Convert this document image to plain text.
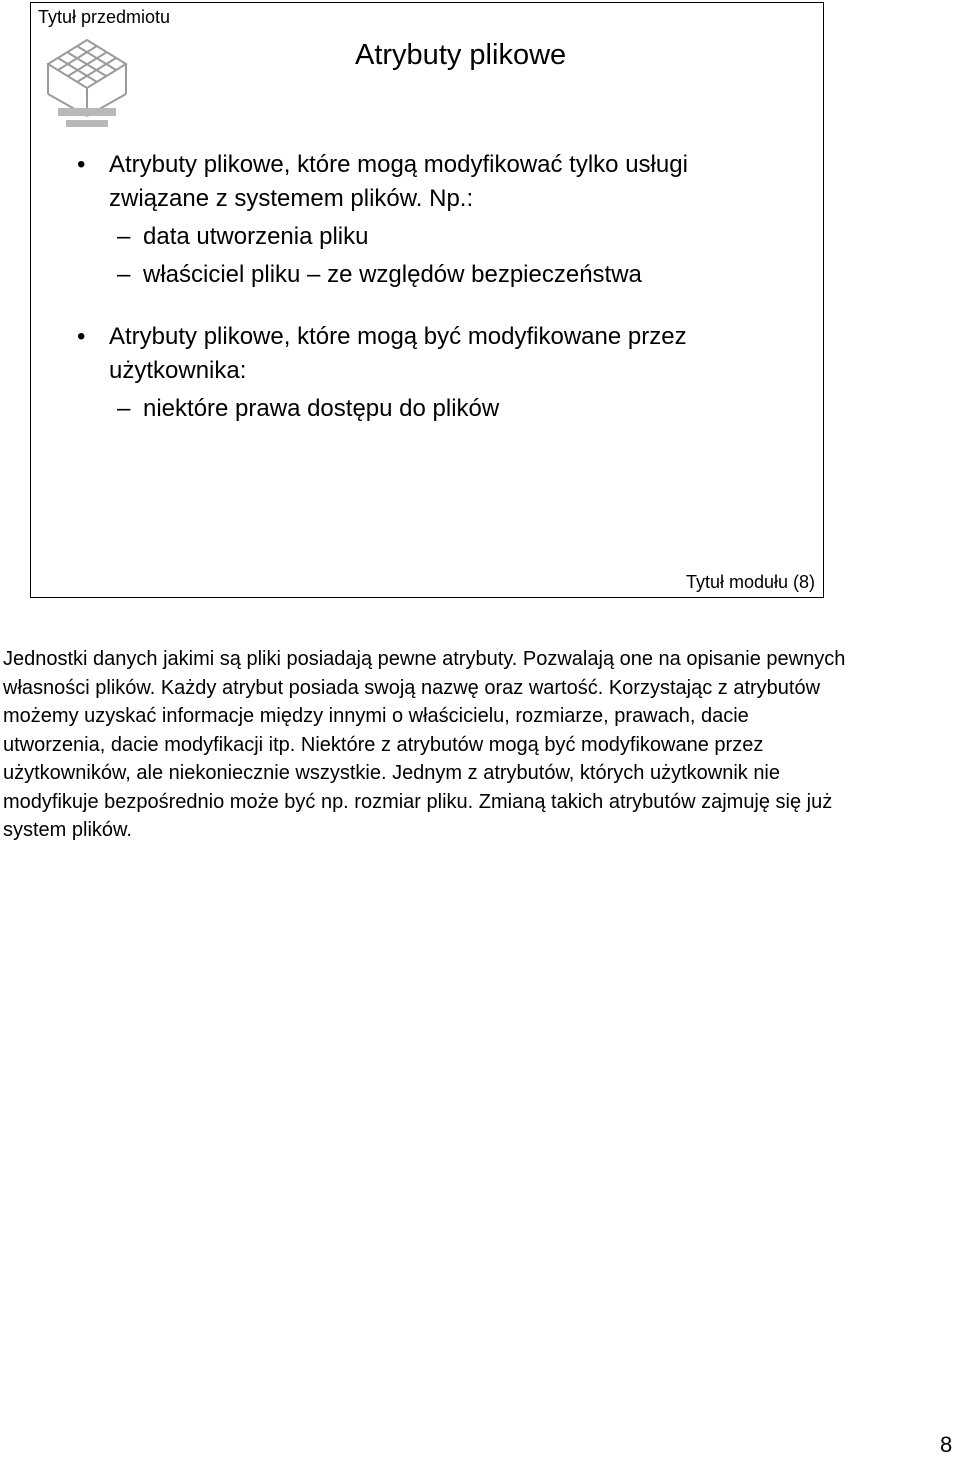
Tytuł przedmiotu
Atrybuty plikowe
• Atrybuty plikowe, które mogą modyfikować tylko usługi związane z systemem plików. Np.:
– data utworzenia pliku
– właściciel pliku – ze względów bezpieczeństwa
• Atrybuty plikowe, które mogą być modyfikowane przez użytkownika:
– niektóre prawa dostępu do plików
Tytuł modułu (8)
Jednostki danych jakimi są pliki posiadają pewne atrybuty. Pozwalają one na opisanie pewnych własności plików. Każdy atrybut posiada swoją nazwę oraz wartość. Korzystając z atrybutów możemy uzyskać informacje między innymi o właścicielu, rozmiarze, prawach, dacie utworzenia, dacie modyfikacji itp. Niektóre z atrybutów mogą być modyfikowane przez użytkowników, ale niekoniecznie wszystkie. Jednym z atrybutów, których użytkownik nie modyfikuje bezpośrednio może być np. rozmiar pliku. Zmianą takich atrybutów zajmuję się już system plików.
8
